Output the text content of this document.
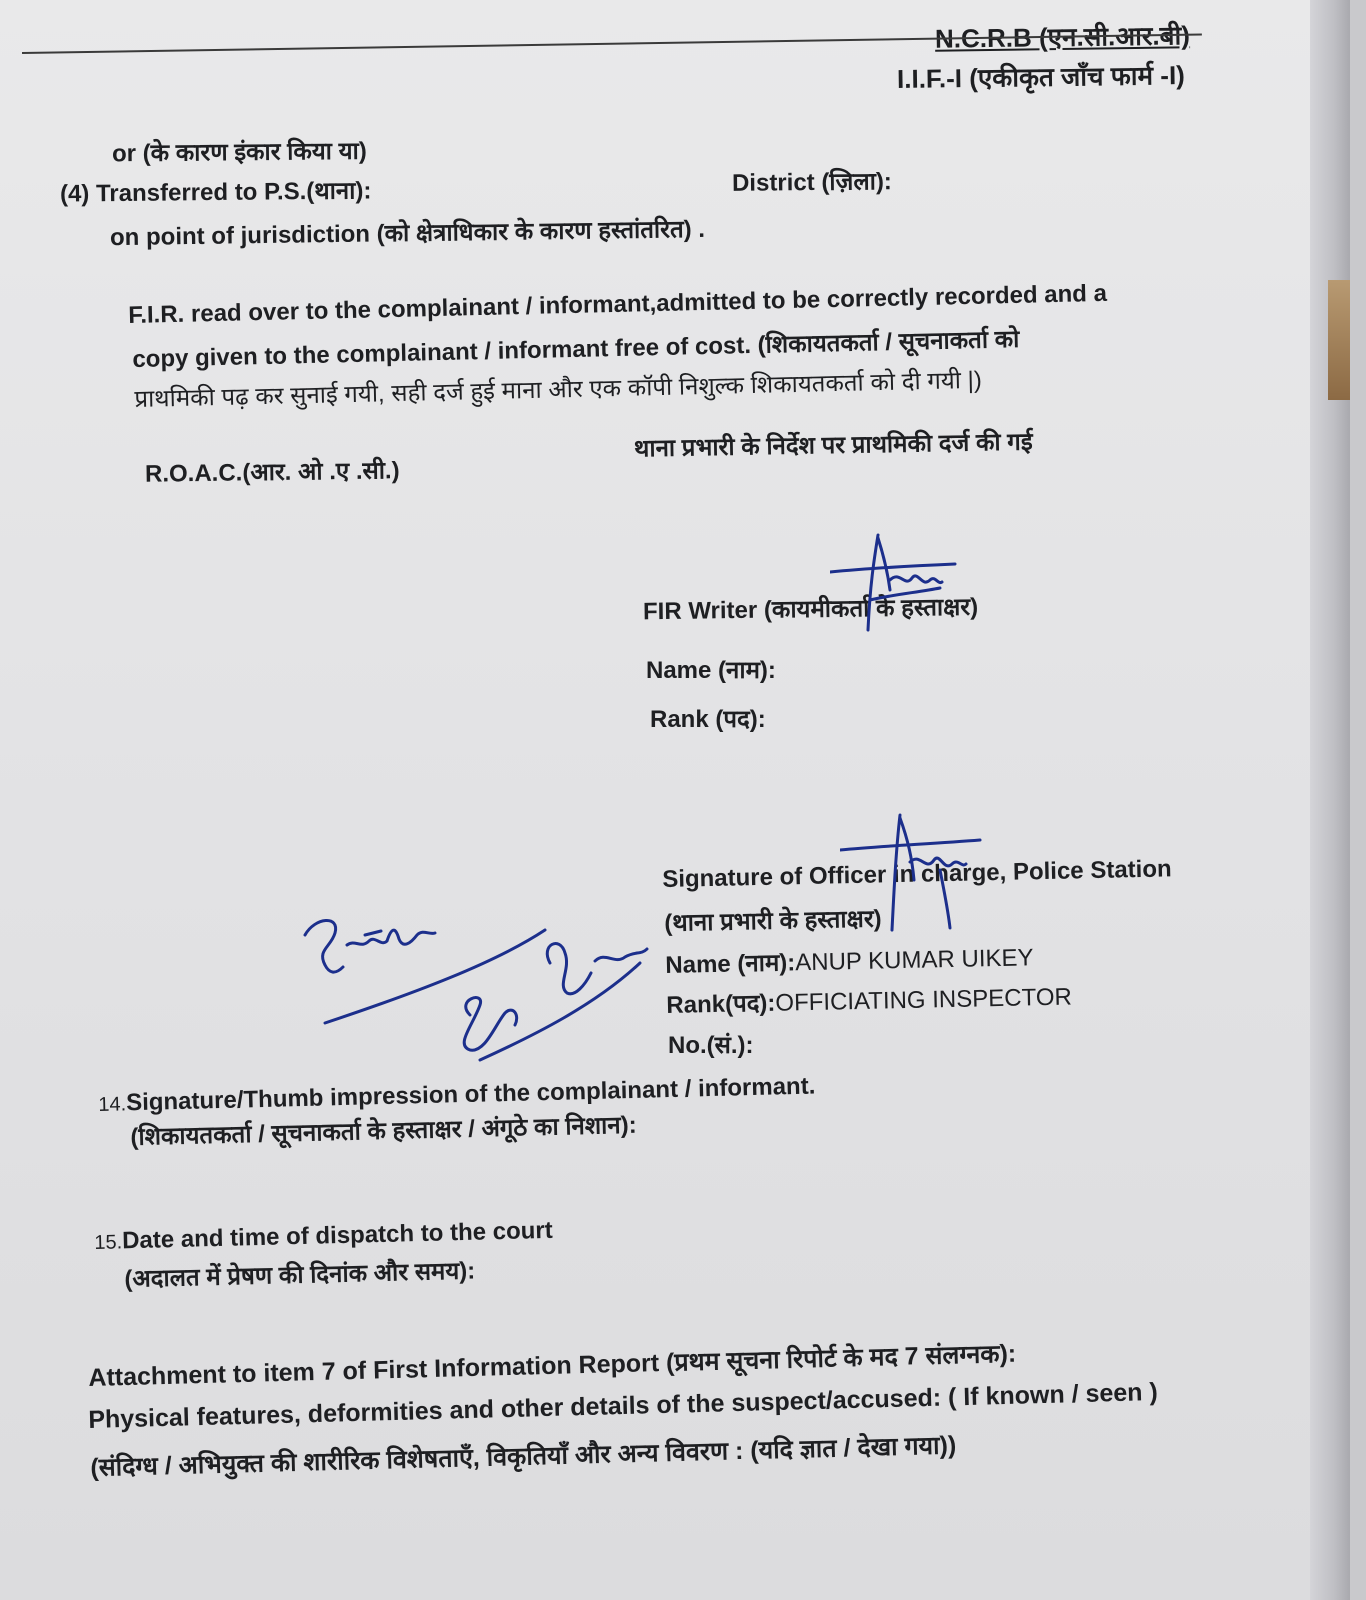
N.C.R.B (एन.सी.आर.बी)
I.I.F.-I (एकीकृत जाँच फार्म -I)
or (के कारण इंकार किया या)
(4) Transferred to P.S.(थाना):	District (ज़िला):
on point of jurisdiction (को क्षेत्राधिकार के कारण हस्तांतरित) .
F.I.R. read over to the complainant / informant,admitted to be correctly recorded and a
copy given to the complainant / informant free of cost. (शिकायतकर्ता / सूचनाकर्ता को
प्राथमिकी पढ़ कर सुनाई गयी, सही दर्ज हुई माना और एक कॉपी निशुल्क शिकायतकर्ता को दी गयी |)
R.O.A.C.(आर. ओ .ए .सी.)
थाना प्रभारी के निर्देश पर प्राथमिकी दर्ज की गई
FIR Writer (कायमीकर्ता के हस्ताक्षर)
Name (नाम):
Rank (पद):
Signature of Officer in charge, Police Station
(थाना प्रभारी के हस्ताक्षर)
Name (नाम):ANUP KUMAR UIKEY
Rank(पद):OFFICIATING INSPECTOR
No.(सं.):
14.Signature/Thumb impression of the complainant / informant.
(शिकायतकर्ता / सूचनाकर्ता के हस्ताक्षर / अंगूठे का निशान):
15.Date and time of dispatch to the court
(अदालत में प्रेषण की दिनांक और समय):
Attachment to item 7 of First Information Report (प्रथम सूचना रिपोर्ट के मद 7 संलग्नक):
Physical features, deformities and other details of the suspect/accused: ( If known / seen )
(संदिग्ध / अभियुक्त की शारीरिक विशेषताएँ, विकृतियाँ और अन्य विवरण : (यदि ज्ञात / देखा गया))
